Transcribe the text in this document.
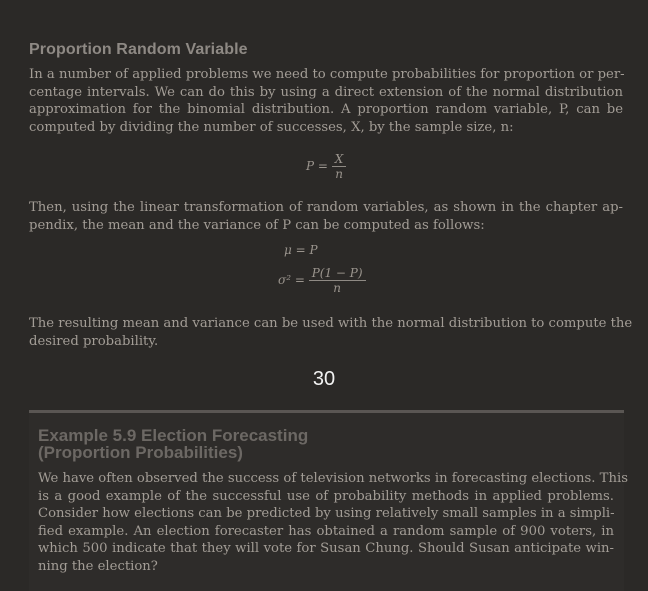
Proportion Random Variable
In a number of applied problems we need to compute probabilities for proportion or per-
centage intervals. We can do this by using a direct extension of the normal distribution
approximation for the binomial distribution. A proportion random variable, P, can be
computed by dividing the number of successes, X, by the sample size, n:
$P = \frac{X}{n}$
Then, using the linear transformation of random variables, as shown in the chapter ap-
pendix, the mean and the variance of P can be computed as follows:
μ = P
$\sigma^2 = \frac{P(1 - P)}{n}$
The resulting mean and variance can be used with the normal distribution to compute the
desired probability.
30
Example 5.9 Election Forecasting
(Proportion Probabilities)
We have often observed the success of television networks in forecasting elections. This
is a good example of the successful use of probability methods in applied problems.
Consider how elections can be predicted by using relatively small samples in a simpli-
fied example. An election forecaster has obtained a random sample of 900 voters, in
which 500 indicate that they will vote for Susan Chung. Should Susan anticipate win-
ning the election?
